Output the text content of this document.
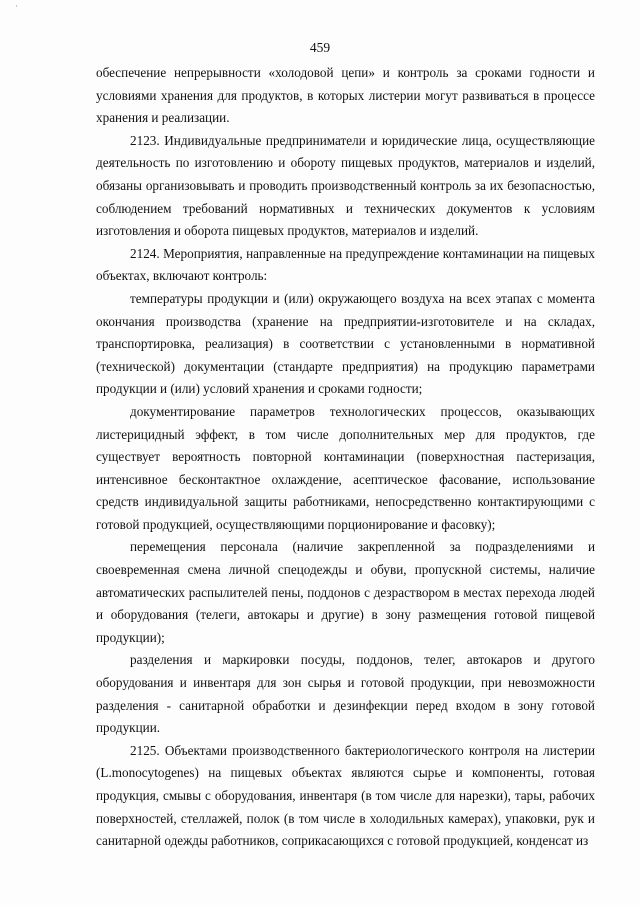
459

обеспечение непрерывности «холодовой цепи» и контроль за сроками годности и условиями хранения для продуктов, в которых листерии могут развиваться в процессе хранения и реализации.

2123. Индивидуальные предприниматели и юридические лица, осуществляющие деятельность по изготовлению и обороту пищевых продуктов, материалов и изделий, обязаны организовывать и проводить производственный контроль за их безопасностью, соблюдением требований нормативных и технических документов к условиям изготовления и оборота пищевых продуктов, материалов и изделий.

2124. Мероприятия, направленные на предупреждение контаминации на пищевых объектах, включают контроль:

температуры продукции и (или) окружающего воздуха на всех этапах с момента окончания производства (хранение на предприятии-изготовителе и на складах, транспортировка, реализация) в соответствии с установленными в нормативной (технической) документации (стандарте предприятия) на продукцию параметрами продукции и (или) условий хранения и сроками годности;

документирование параметров технологических процессов, оказывающих листерицидный эффект, в том числе дополнительных мер для продуктов, где существует вероятность повторной контаминации (поверхностная пастеризация, интенсивное бесконтактное охлаждение, асептическое фасование, использование средств индивидуальной защиты работниками, непосредственно контактирующими с готовой продукцией, осуществляющими порционирование и фасовку);

перемещения персонала (наличие закрепленной за подразделениями и своевременная смена личной спецодежды и обуви, пропускной системы, наличие автоматических распылителей пены, поддонов с дезраствором в местах перехода людей и оборудования (телеги, автокары и другие) в зону размещения готовой пищевой продукции);

разделения и маркировки посуды, поддонов, телег, автокаров и другого оборудования и инвентаря для зон сырья и готовой продукции, при невозможности разделения - санитарной обработки и дезинфекции перед входом в зону готовой продукции.

2125. Объектами производственного бактериологического контроля на листерии (L.monocytogenes) на пищевых объектах являются сырье и компоненты, готовая продукция, смывы с оборудования, инвентаря (в том числе для нарезки), тары, рабочих поверхностей, стеллажей, полок (в том числе в холодильных камерах), упаковки, рук и санитарной одежды работников, соприкасающихся с готовой продукцией, конденсат из
